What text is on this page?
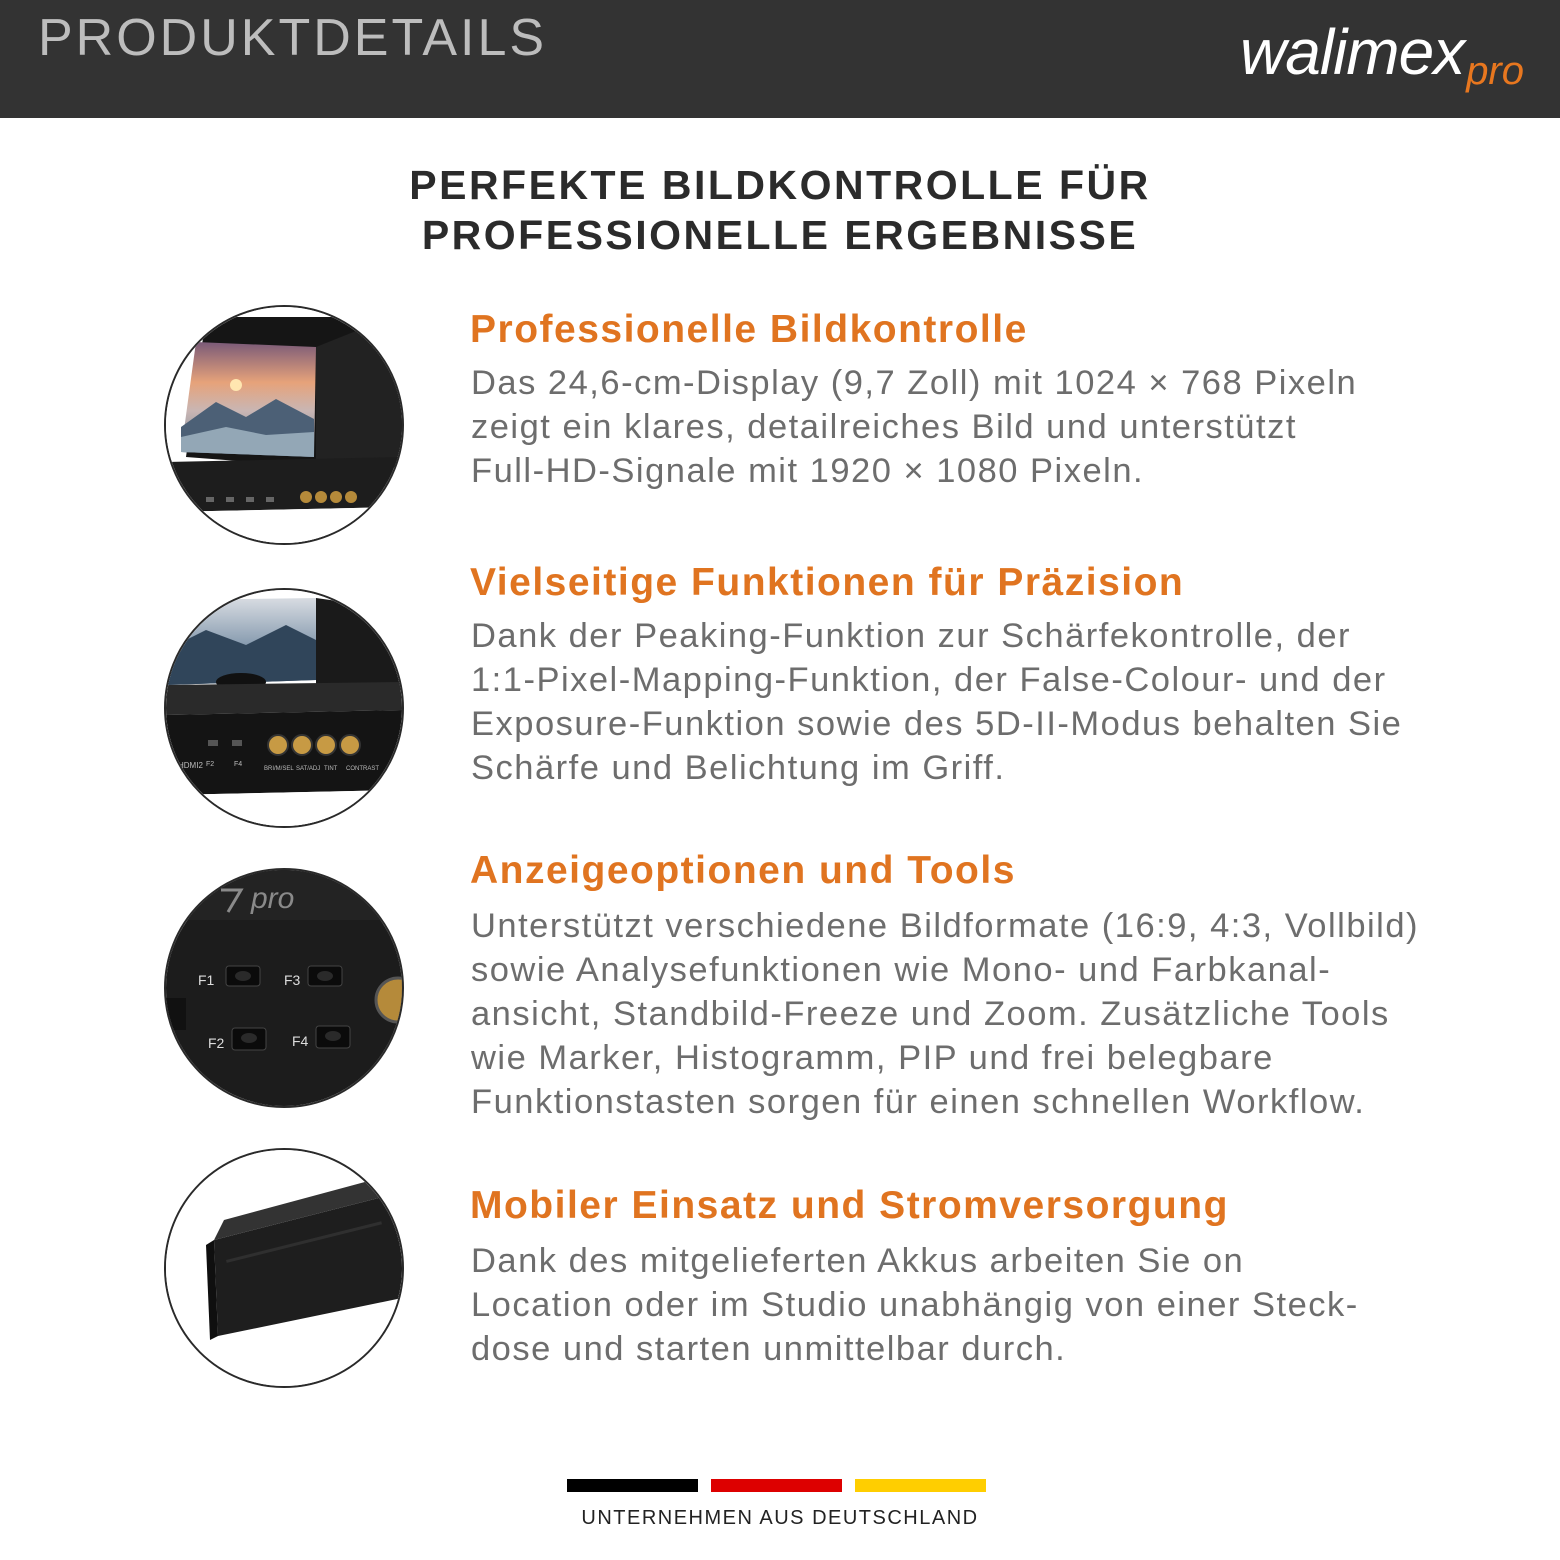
PRODUKTDETAILS	walimexpro
PERFEKTE BILDKONTROLLE FÜR
PROFESSIONELLE ERGEBNISSE
Professionelle Bildkontrolle
Das 24,6-cm-Display (9,7 Zoll) mit 1024 × 768 Pixeln
zeigt ein klares, detailreiches Bild und unterstützt
Full-HD-Signale mit 1920 × 1080 Pixeln.
HDMI2 F2	F4
BRI/M/SEL SAT/ADJ TINT CONTRAST
Vielseitige Funktionen für Präzision
Dank der Peaking-Funktion zur Schärfekontrolle, der
1:1-Pixel-Mapping-Funktion, der False-Colour- und der
Exposure-Funktion sowie des 5D-II-Modus behalten Sie
Schärfe und Belichtung im Griff.
pro
F1	F3
F2	F4
Anzeigeoptionen und Tools
Unterstützt verschiedene Bildformate (16:9, 4:3, Vollbild)
sowie Analysefunktionen wie Mono- und Farbkanal-
ansicht, Standbild-Freeze und Zoom. Zusätzliche Tools
wie Marker, Histogramm, PIP und frei belegbare
Funktionstasten sorgen für einen schnellen Workflow.
Mobiler Einsatz und Stromversorgung
Dank des mitgelieferten Akkus arbeiten Sie on
Location oder im Studio unabhängig von einer Steck-
dose und starten unmittelbar durch.
UNTERNEHMEN AUS DEUTSCHLAND
